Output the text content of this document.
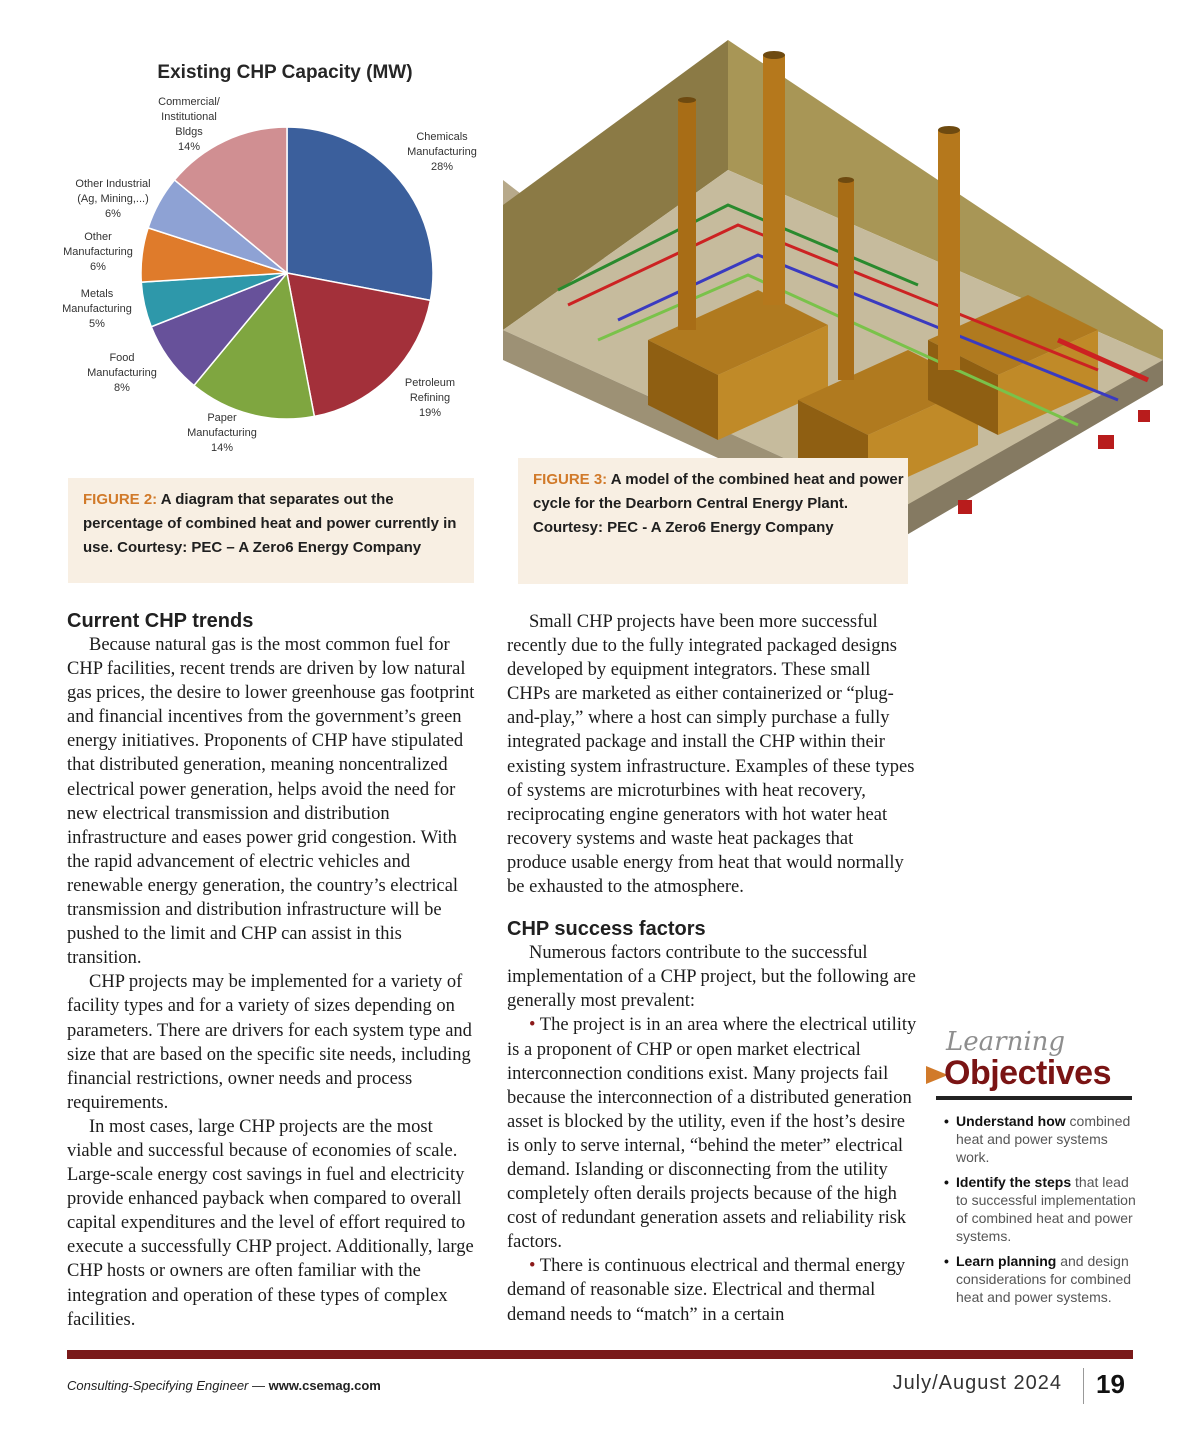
Existing CHP Capacity (MW)
Chemicals
Manufacturing
28%
Petroleum
Refining
19%
Paper
Manufacturing
14%
Food
Manufacturing
8%
Metals
Manufacturing
5%
Other
Manufacturing
6%
Other Industrial
(Ag, Mining,...)
6%
Commercial/
Institutional
Bldgs
14%
FIGURE 2: A diagram that separates out the percentage of combined heat and power currently in use. Courtesy: PEC – A Zero6 Energy Company
FIGURE 3: A model of the combined heat and power cycle for the Dearborn Central Energy Plant. Courtesy: PEC - A Zero6 Energy Company
Current CHP trends

Because natural gas is the most common fuel for CHP facilities, recent trends are driven by low natural gas prices, the desire to lower greenhouse gas footprint and financial incentives from the government’s green energy initiatives. Proponents of CHP have stipulated that distributed generation, meaning noncentralized electrical power generation, helps avoid the need for new electrical transmission and distribution infrastructure and eases power grid congestion. With the rapid advancement of electric vehicles and renewable energy generation, the country’s electrical transmission and distribution infrastructure will be pushed to the limit and CHP can assist in this transition.

CHP projects may be implemented for a variety of facility types and for a variety of sizes depending on parameters. There are drivers for each system type and size that are based on the specific site needs, including financial restrictions, owner needs and process requirements.

In most cases, large CHP projects are the most viable and successful because of economies of scale. Large-scale energy cost savings in fuel and electricity provide enhanced payback when compared to overall capital expenditures and the level of effort required to execute a successfully CHP project. Additionally, large CHP hosts or owners are often familiar with the integration and operation of these types of complex facilities.

Small CHP projects have been more successful recently due to the fully integrated packaged designs developed by equipment integrators. These small CHPs are marketed as either containerized or “plug-and-play,” where a host can simply purchase a fully integrated package and install the CHP within their existing system infrastructure. Examples of these types of systems are microturbines with heat recovery, reciprocating engine generators with hot water heat recovery systems and waste heat packages that produce usable energy from heat that would normally be exhausted to the atmosphere.

CHP success factors

Numerous factors contribute to the successful implementation of a CHP project, but the following are generally most prevalent:

• The project is in an area where the electrical utility is a proponent of CHP or open market electrical interconnection conditions exist. Many projects fail because the interconnection of a distributed generation asset is blocked by the utility, even if the host’s desire is only to serve internal, “behind the meter” electrical demand. Islanding or disconnecting from the utility completely often derails projects because of the high cost of redundant generation assets and reliability risk factors.

• There is continuous electrical and thermal energy demand of reasonable size. Electrical and thermal demand needs to “match” in a certain

Learning
Objectives
• Understand how combined heat and power systems work.
• Identify the steps that lead to successful implementation of combined heat and power systems.
• Learn planning and design considerations for combined heat and power systems.
Consulting-Specifying Engineer — www.csemag.com	July/August 2024 19
